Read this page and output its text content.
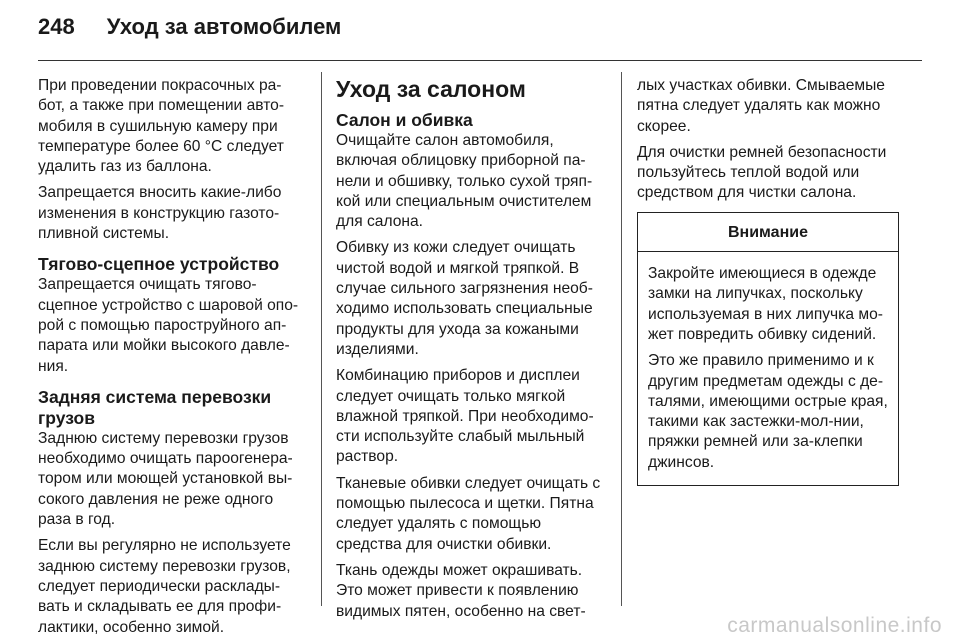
248 Уход за автомобилем

При проведении покрасочных ра-бот, а также при помещении авто-мобиля в сушильную камеру при температуре более 60 °C следует удалить газ из баллона.

Запрещается вносить какие-либо изменения в конструкцию газото-пливной системы.

Тягово-сцепное устройство

Запрещается очищать тягово-сцепное устройство с шаровой опо-рой с помощью пароструйного ап-парата или мойки высокого давле-ния.

Задняя система перевозки грузов

Заднюю систему перевозки грузов необходимо очищать пароогенера-тором или моющей установкой вы-сокого давления не реже одного раза в год.

Если вы регулярно не используете заднюю систему перевозки грузов, следует периодически расклады-вать и складывать ее для профи-лактики, особенно зимой.

Уход за салоном
Салон и обивка

Очищайте салон автомобиля, включая облицовку приборной па-нели и обшивку, только сухой тряп-кой или специальным очистителем для салона.

Обивку из кожи следует очищать чистой водой и мягкой тряпкой. В случае сильного загрязнения необ-ходимо использовать специальные продукты для ухода за кожаными изделиями.

Комбинацию приборов и дисплеи следует очищать только мягкой влажной тряпкой. При необходимо-сти используйте слабый мыльный раствор.

Тканевые обивки следует очищать с помощью пылесоса и щетки. Пятна следует удалять с помощью средства для очистки обивки.

Ткань одежды может окрашивать. Это может привести к появлению видимых пятен, особенно на свет-

лых участках обивки. Смываемые пятна следует удалять как можно скорее.

Для очистки ремней безопасности пользуйтесь теплой водой или средством для чистки салона.

Внимание

Закройте имеющиеся в одежде замки на липучках, поскольку используемая в них липучка мо-жет повредить обивку сидений.

Это же правило применимо и к другим предметам одежды с де-талями, имеющими острые края, такими как застежки-мол-нии, пряжки ремней или за-клепки джинсов.

carmanualsonline.info
